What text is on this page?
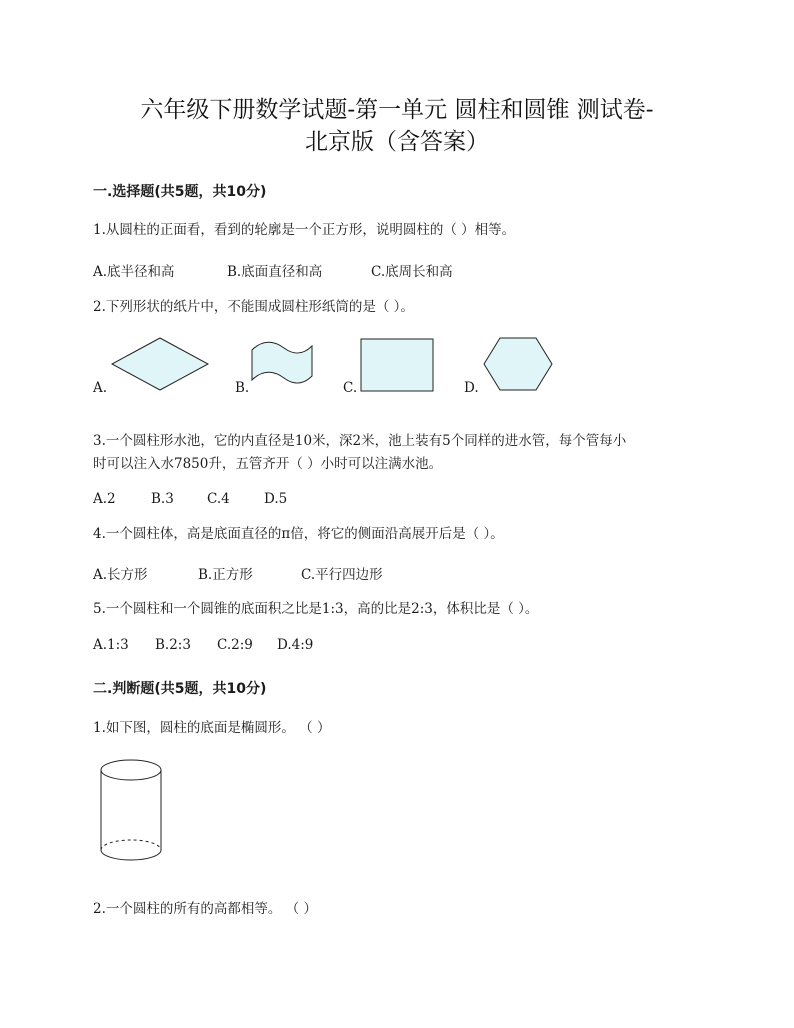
六年级下册数学试题-第一单元 圆柱和圆锥 测试卷-
北京版（含答案）
一.选择题(共5题，共10分)
1.从圆柱的正面看，看到的轮廓是一个正方形，说明圆柱的（ ）相等。
A.底半径和高	B.底面直径和高	C.底周长和高
2.下列形状的纸片中，不能围成圆柱形纸筒的是（ ）。
A.	B.	C.	D.
3.一个圆柱形水池，它的内直径是10米，深2米，池上装有5个同样的进水管，每个管每小
时可以注入水7850升，五管齐开（ ）小时可以注满水池。
A.2	B.3	C.4	D.5
4.一个圆柱体，高是底面直径的π倍，将它的侧面沿高展开后是（ ）。
A.长方形	B.正方形	C.平行四边形
5.一个圆柱和一个圆锥的底面积之比是1:3，高的比是2:3，体积比是（ ）。
A.1:3	B.2:3	C.2:9	D.4:9
二.判断题(共5题，共10分)
1.如下图，圆柱的底面是椭圆形。 （ ）
2.一个圆柱的所有的高都相等。 （ ）
